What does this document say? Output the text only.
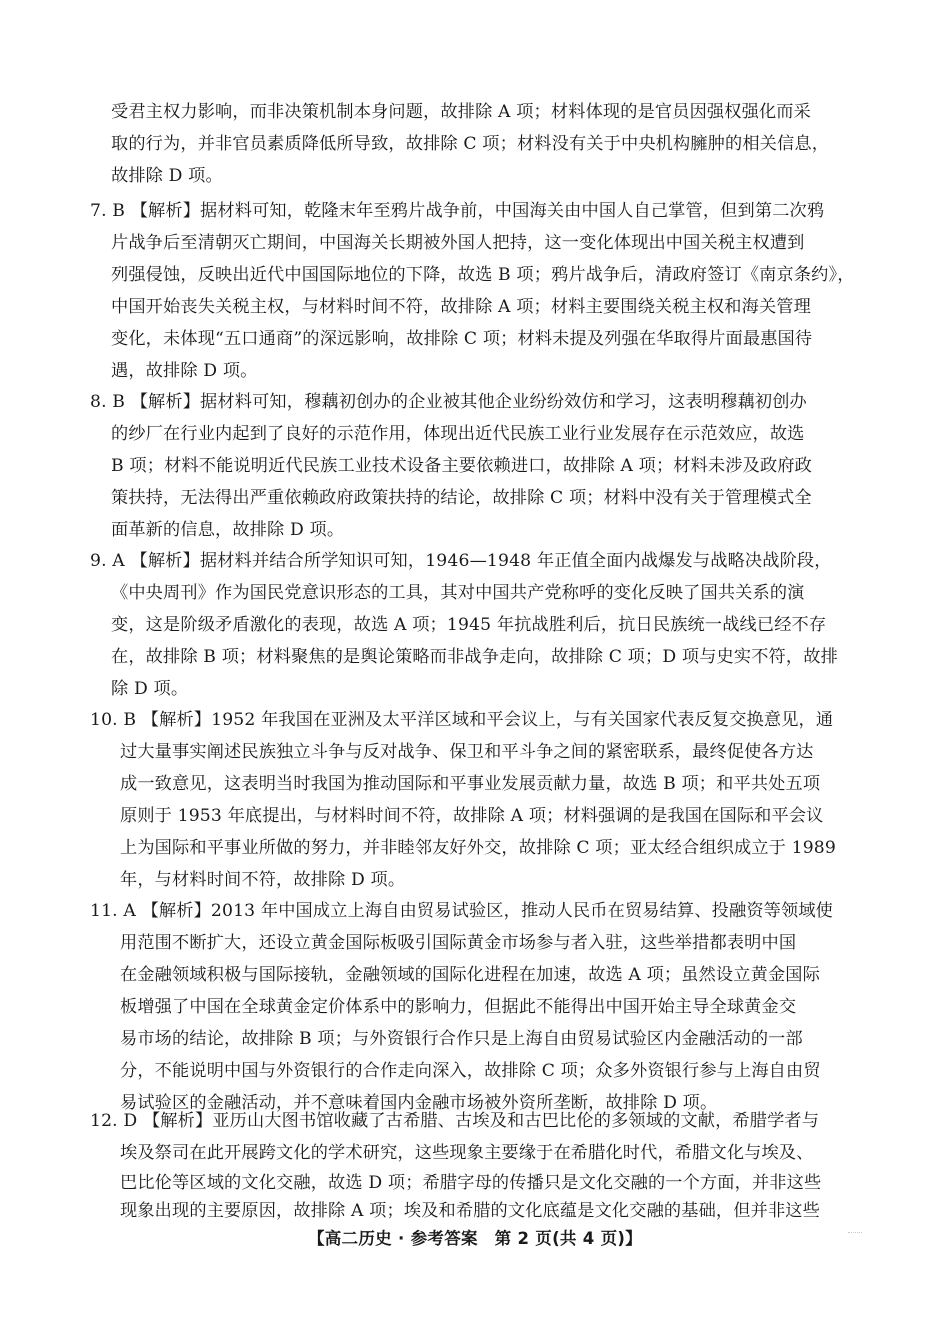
受君主权力影响，而非决策机制本身问题，故排除 A 项；材料体现的是官员因强权强化而采
取的行为，并非官员素质降低所导致，故排除 C 项；材料没有关于中央机构臃肿的相关信息，
故排除 D 项。
7. B 【解析】据材料可知，乾隆末年至鸦片战争前，中国海关由中国人自己掌管，但到第二次鸦
片战争后至清朝灭亡期间，中国海关长期被外国人把持，这一变化体现出中国关税主权遭到
列强侵蚀，反映出近代中国国际地位的下降，故选 B 项；鸦片战争后，清政府签订《南京条约》，
中国开始丧失关税主权，与材料时间不符，故排除 A 项；材料主要围绕关税主权和海关管理
变化，未体现“五口通商”的深远影响，故排除 C 项；材料未提及列强在华取得片面最惠国待
遇，故排除 D 项。
8. B 【解析】据材料可知，穆藕初创办的企业被其他企业纷纷效仿和学习，这表明穆藕初创办
的纱厂在行业内起到了良好的示范作用，体现出近代民族工业行业发展存在示范效应，故选
B 项；材料不能说明近代民族工业技术设备主要依赖进口，故排除 A 项；材料未涉及政府政
策扶持，无法得出严重依赖政府政策扶持的结论，故排除 C 项；材料中没有关于管理模式全
面革新的信息，故排除 D 项。
9. A 【解析】据材料并结合所学知识可知，1946—1948 年正值全面内战爆发与战略决战阶段，
《中央周刊》作为国民党意识形态的工具，其对中国共产党称呼的变化反映了国共关系的演
变，这是阶级矛盾激化的表现，故选 A 项；1945 年抗战胜利后，抗日民族统一战线已经不存
在，故排除 B 项；材料聚焦的是舆论策略而非战争走向，故排除 C 项；D 项与史实不符，故排
除 D 项。
10. B 【解析】1952 年我国在亚洲及太平洋区域和平会议上，与有关国家代表反复交换意见，通
过大量事实阐述民族独立斗争与反对战争、保卫和平斗争之间的紧密联系，最终促使各方达
成一致意见，这表明当时我国为推动国际和平事业发展贡献力量，故选 B 项；和平共处五项
原则于 1953 年底提出，与材料时间不符，故排除 A 项；材料强调的是我国在国际和平会议
上为国际和平事业所做的努力，并非睦邻友好外交，故排除 C 项；亚太经合组织成立于 1989
年，与材料时间不符，故排除 D 项。
11. A 【解析】2013 年中国成立上海自由贸易试验区，推动人民币在贸易结算、投融资等领域使
用范围不断扩大，还设立黄金国际板吸引国际黄金市场参与者入驻，这些举措都表明中国
在金融领域积极与国际接轨，金融领域的国际化进程在加速，故选 A 项；虽然设立黄金国际
板增强了中国在全球黄金定价体系中的影响力，但据此不能得出中国开始主导全球黄金交
易市场的结论，故排除 B 项；与外资银行合作只是上海自由贸易试验区内金融活动的一部
分，不能说明中国与外资银行的合作走向深入，故排除 C 项；众多外资银行参与上海自由贸
易试验区的金融活动，并不意味着国内金融市场被外资所垄断，故排除 D 项。
12. D 【解析】亚历山大图书馆收藏了古希腊、古埃及和古巴比伦的多领域的文献，希腊学者与
埃及祭司在此开展跨文化的学术研究，这些现象主要缘于在希腊化时代，希腊文化与埃及、
巴比伦等区域的文化交融，故选 D 项；希腊字母的传播只是文化交融的一个方面，并非这些
现象出现的主要原因，故排除 A 项；埃及和希腊的文化底蕴是文化交融的基础，但并非这些
【高二历史 · 参考答案　第 2 页(共 4 页)】
